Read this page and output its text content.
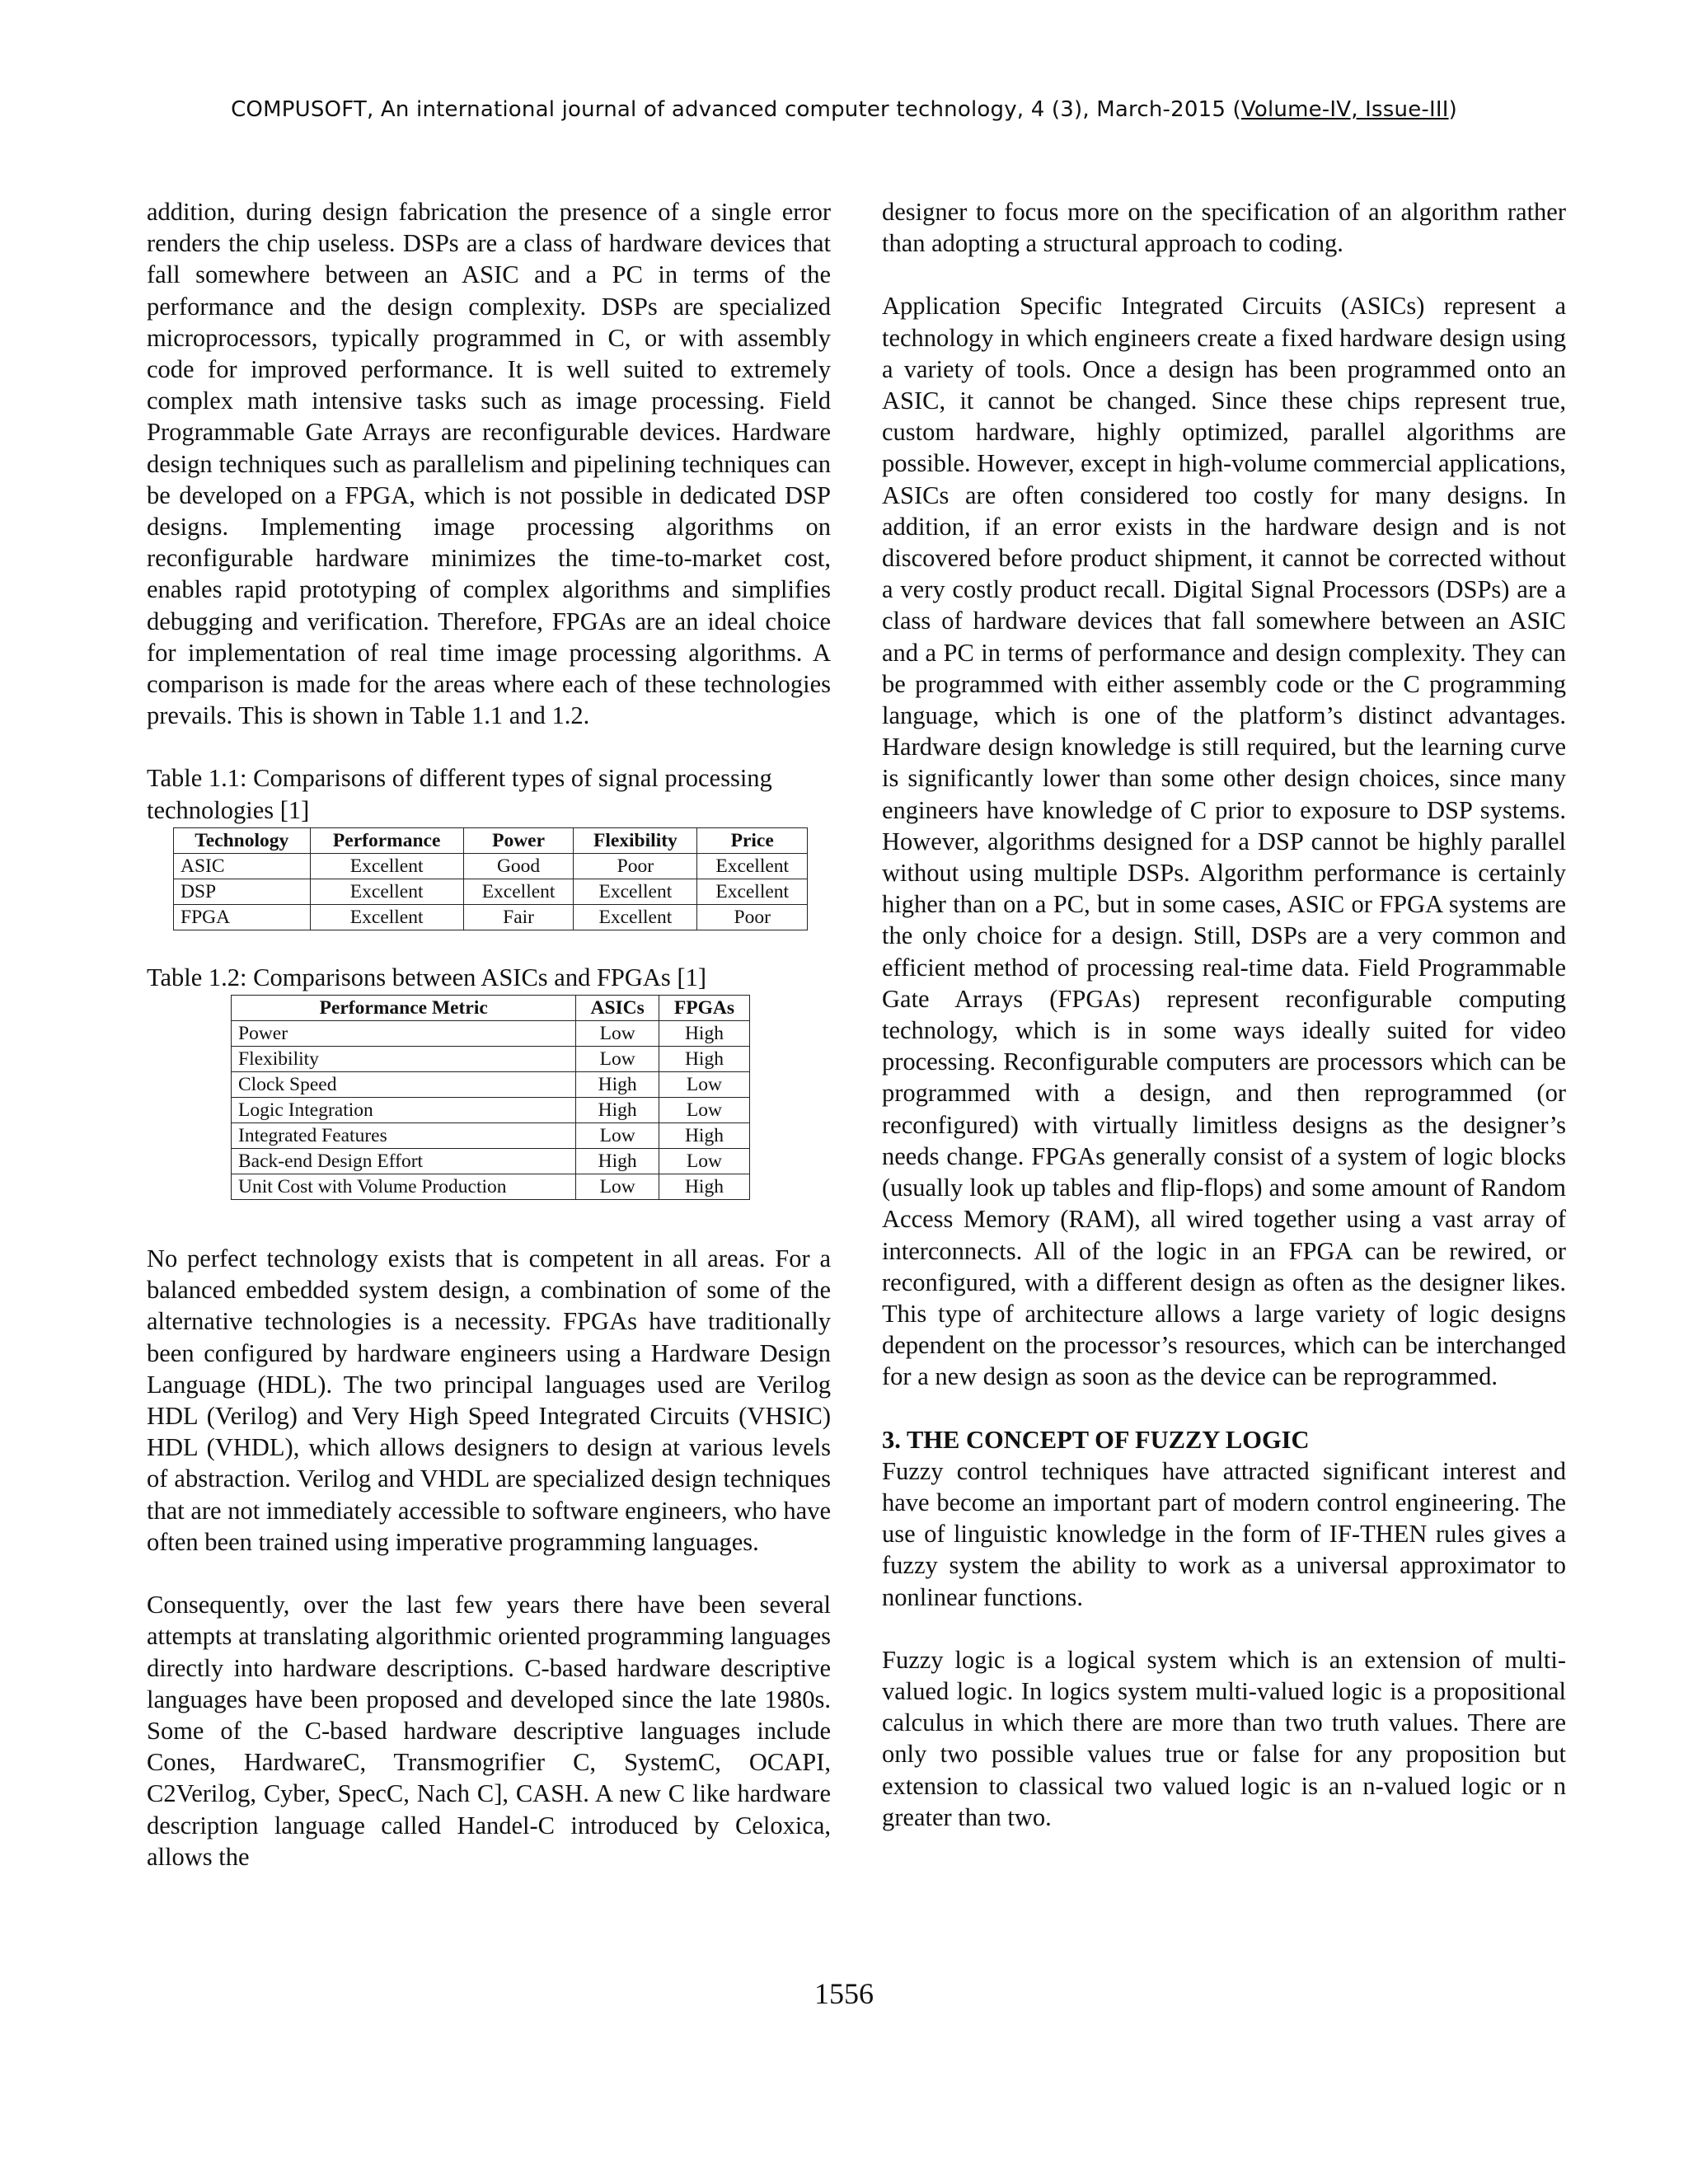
COMPUSOFT, An international journal of advanced computer technology, 4 (3), March-2015 (Volume-IV, Issue-III)

addition, during design fabrication the presence of a single error renders the chip useless. DSPs are a class of hardware devices that fall somewhere between an ASIC and a PC in terms of the performance and the design complexity. DSPs are specialized microprocessors, typically programmed in C, or with assembly code for improved performance. It is well suited to extremely complex math intensive tasks such as image processing. Field Programmable Gate Arrays are reconfigurable devices. Hardware design techniques such as parallelism and pipelining techniques can be developed on a FPGA, which is not possible in dedicated DSP designs. Implementing image processing algorithms on reconfigurable hardware minimizes the time-to-market cost, enables rapid prototyping of complex algorithms and simplifies debugging and verification. Therefore, FPGAs are an ideal choice for implementation of real time image processing algorithms. A comparison is made for the areas where each of these technologies prevails. This is shown in Table 1.1 and 1.2.

Table 1.1: Comparisons of different types of signal processing technologies [1]

Technology	Performance	Power	Flexibility	Price
ASIC	Excellent	Good	Poor	Excellent
DSP	Excellent	Excellent	Excellent	Excellent
FPGA	Excellent	Fair	Excellent	Poor

Table 1.2: Comparisons between ASICs and FPGAs [1]

Performance Metric	ASICs	FPGAs
Power	Low	High
Flexibility	Low	High
Clock Speed	High	Low
Logic Integration	High	Low
Integrated Features	Low	High
Back-end Design Effort	High	Low
Unit Cost with Volume Production	Low	High

No perfect technology exists that is competent in all areas. For a balanced embedded system design, a combination of some of the alternative technologies is a necessity. FPGAs have traditionally been configured by hardware engineers using a Hardware Design Language (HDL). The two principal languages used are Verilog HDL (Verilog) and Very High Speed Integrated Circuits (VHSIC) HDL (VHDL), which allows designers to design at various levels of abstraction. Verilog and VHDL are specialized design techniques that are not immediately accessible to software engineers, who have often been trained using imperative programming languages.

Consequently, over the last few years there have been several attempts at translating algorithmic oriented programming languages directly into hardware descriptions. C-based hardware descriptive languages have been proposed and developed since the late 1980s. Some of the C-based hardware descriptive languages include Cones, HardwareC, Transmogrifier C, SystemC, OCAPI, C2Verilog, Cyber, SpecC, Nach C], CASH. A new C like hardware description language called Handel-C introduced by Celoxica, allows the

designer to focus more on the specification of an algorithm rather than adopting a structural approach to coding.

Application Specific Integrated Circuits (ASICs) represent a technology in which engineers create a fixed hardware design using a variety of tools. Once a design has been programmed onto an ASIC, it cannot be changed. Since these chips represent true, custom hardware, highly optimized, parallel algorithms are possible. However, except in high-volume commercial applications, ASICs are often considered too costly for many designs. In addition, if an error exists in the hardware design and is not discovered before product shipment, it cannot be corrected without a very costly product recall. Digital Signal Processors (DSPs) are a class of hardware devices that fall somewhere between an ASIC and a PC in terms of performance and design complexity. They can be programmed with either assembly code or the C programming language, which is one of the platform’s distinct advantages. Hardware design knowledge is still required, but the learning curve is significantly lower than some other design choices, since many engineers have knowledge of C prior to exposure to DSP systems. However, algorithms designed for a DSP cannot be highly parallel without using multiple DSPs. Algorithm performance is certainly higher than on a PC, but in some cases, ASIC or FPGA systems are the only choice for a design. Still, DSPs are a very common and efficient method of processing real-time data. Field Programmable Gate Arrays (FPGAs) represent reconfigurable computing technology, which is in some ways ideally suited for video processing. Reconfigurable computers are processors which can be programmed with a design, and then reprogrammed (or reconfigured) with virtually limitless designs as the designer’s needs change. FPGAs generally consist of a system of logic blocks (usually look up tables and flip-flops) and some amount of Random Access Memory (RAM), all wired together using a vast array of interconnects. All of the logic in an FPGA can be rewired, or reconfigured, with a different design as often as the designer likes. This type of architecture allows a large variety of logic designs dependent on the processor’s resources, which can be interchanged for a new design as soon as the device can be reprogrammed.

3. THE CONCEPT OF FUZZY LOGIC

Fuzzy control techniques have attracted significant interest and have become an important part of modern control engineering. The use of linguistic knowledge in the form of IF-THEN rules gives a fuzzy system the ability to work as a universal approximator to nonlinear functions.

Fuzzy logic is a logical system which is an extension of multi-valued logic. In logics system multi-valued logic is a propositional calculus in which there are more than two truth values. There are only two possible values true or false for any proposition but extension to classical two valued logic is an n-valued logic or n greater than two.

1556
